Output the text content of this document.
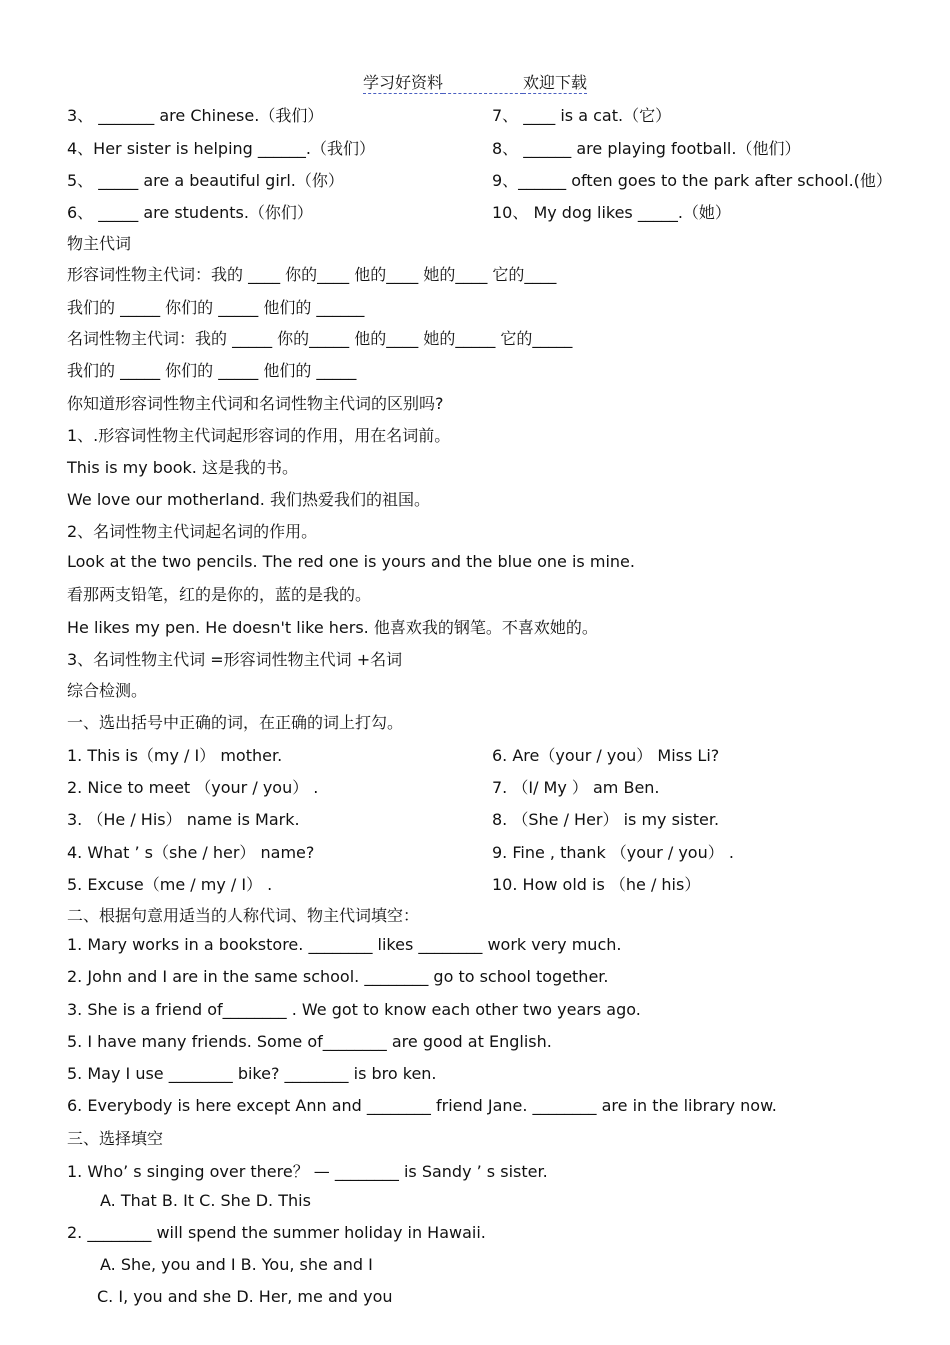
学习好资料	欢迎下载
3、 _______ are Chinese.（我们）	7、 ____ is a cat.（它）
4、Her sister is helping ______.（我们）	8、 ______ are playing football.（他们）
5、 _____ are a beautiful girl.（你）	9、______ often goes to the park after school.(他）
6、 _____ are students.（你们）	10、 My dog likes _____.（她）
物主代词
形容词性物主代词：我的 ____ 你的____ 他的____ 她的____ 它的____
我们的 _____ 你们的 _____ 他们的 ______
名词性物主代词：我的 _____ 你的_____ 他的____ 她的_____ 它的_____
我们的 _____ 你们的 _____ 他们的 _____
你知道形容词性物主代词和名词性物主代词的区别吗?
1、.形容词性物主代词起形容词的作用，用在名词前。
This is my book. 这是我的书。
We love our motherland. 我们热爱我们的祖国。
2、名词性物主代词起名词的作用。
Look at the two pencils. The red one is yours and the blue one is mine.
看那两支铅笔，红的是你的，蓝的是我的。
He likes my pen. He doesn't like hers. 他喜欢我的钢笔。不喜欢她的。
3、名词性物主代词 =形容词性物主代词 +名词
综合检测。
一、选出括号中正确的词，在正确的词上打勾。
1. This is（my / I） mother.	6. Are（your / you） Miss Li?
2. Nice to meet （your / you） .	7. （I/ My ） am Ben.
3. （He / His） name is Mark.	8. （She / Her） is my sister.
4. What ’ s（she / her） name?	9. Fine , thank （your / you） .
5. Excuse（me / my / I） .	10. How old is （he / his）
二、根据句意用适当的人称代词、物主代词填空：
1. Mary works in a bookstore. ________ likes ________ work very much.
2. John and I are in the same school. ________ go to school together.
3. She is a friend of________ . We got to know each other two years ago.
5. I have many friends. Some of________ are good at English.
5. May I use ________ bike? ________ is bro ken.
6. Everybody is here except Ann and ________ friend Jane. ________ are in the library now.
三、选择填空
1. Who’ s singing over there？ — ________ is Sandy ’ s sister.
A. That B. It C. She D. This
2. ________ will spend the summer holiday in Hawaii.
A. She, you and I B. You, she and I
C. I, you and she D. Her, me and you
